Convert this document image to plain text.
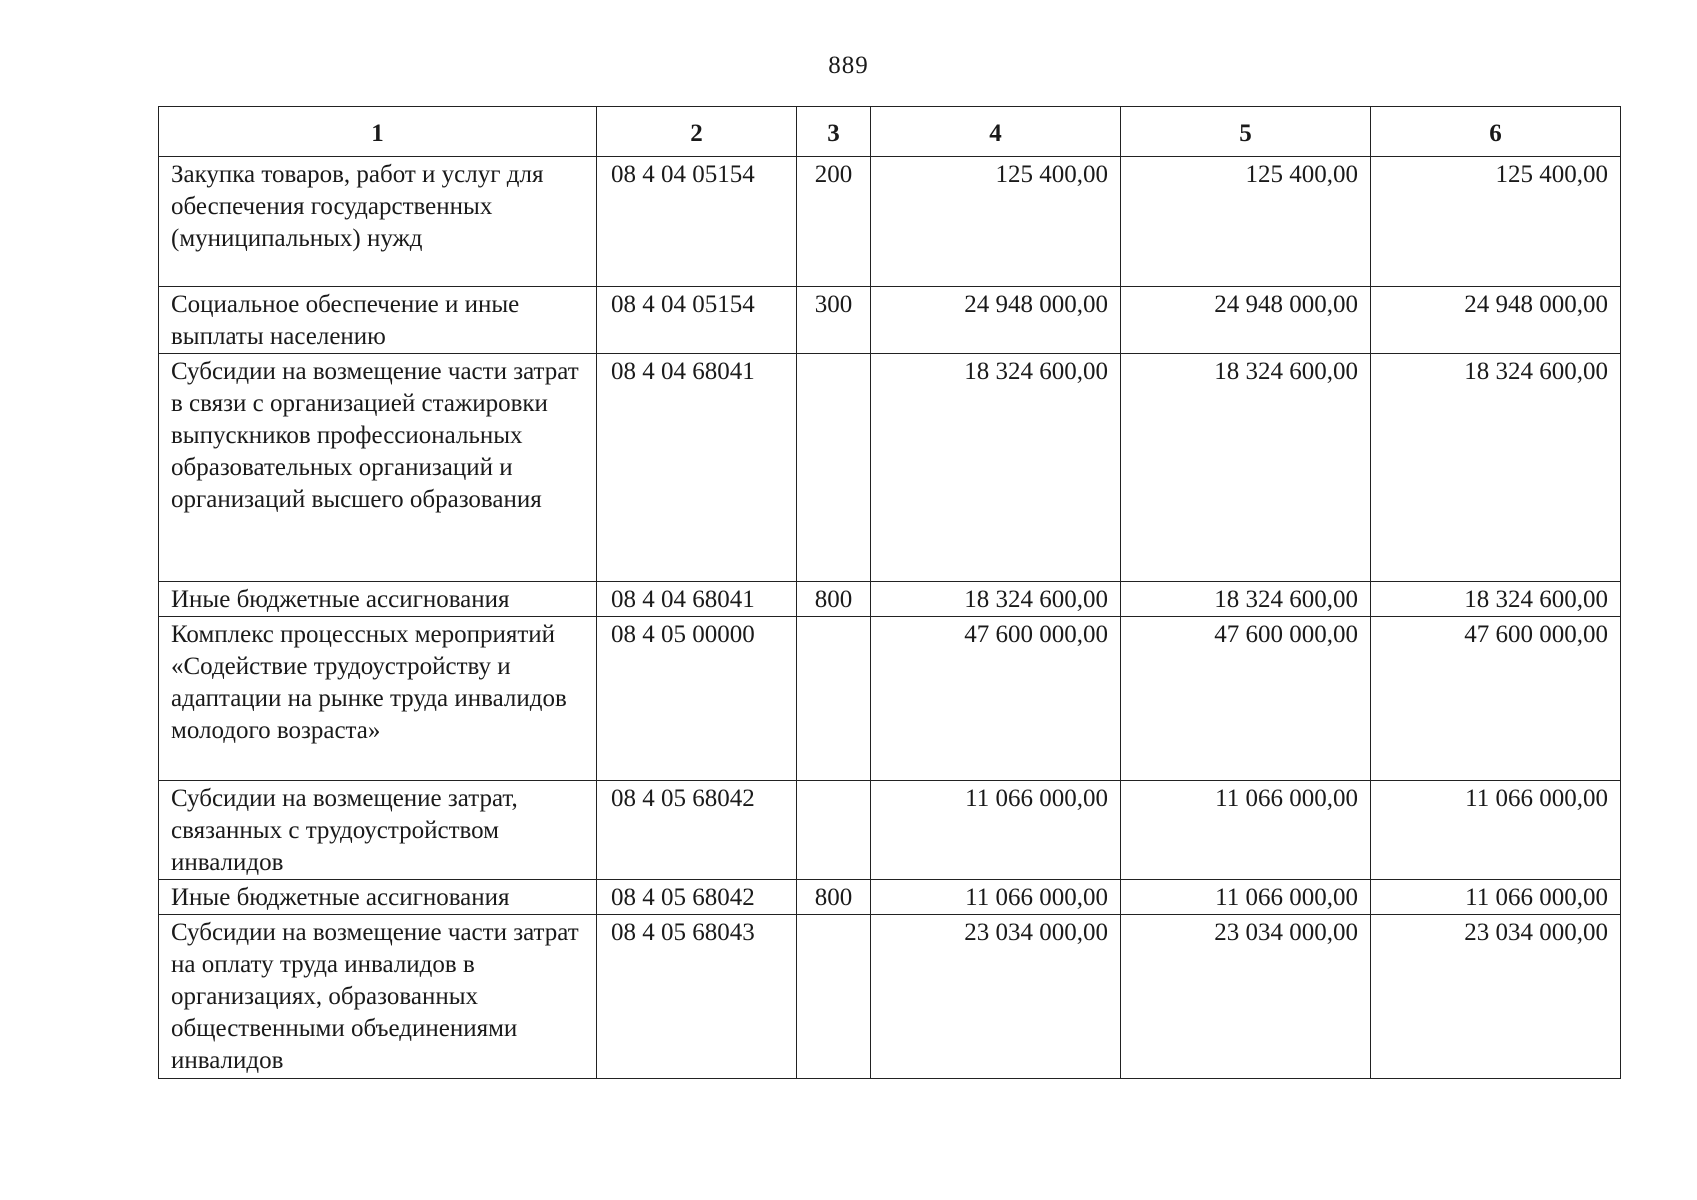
889
1	2	3	4	5	6
Закупка товаров, работ и услуг для обеспечения государственных (муниципальных) нужд	08 4 04 05154	200	125 400,00	125 400,00	125 400,00
Социальное обеспечение и иные выплаты населению	08 4 04 05154	300	24 948 000,00	24 948 000,00	24 948 000,00
Субсидии на возмещение части затрат в связи с организацией стажировки выпускников профессиональных образовательных организаций и организаций высшего образования	08 4 04 68041		18 324 600,00	18 324 600,00	18 324 600,00
Иные бюджетные ассигнования	08 4 04 68041	800	18 324 600,00	18 324 600,00	18 324 600,00
Комплекс процессных мероприятий «Содействие трудоустройству и адаптации на рынке труда инвалидов молодого возраста»	08 4 05 00000		47 600 000,00	47 600 000,00	47 600 000,00
Субсидии на возмещение затрат, связанных с трудоустройством инвалидов	08 4 05 68042		11 066 000,00	11 066 000,00	11 066 000,00
Иные бюджетные ассигнования	08 4 05 68042	800	11 066 000,00	11 066 000,00	11 066 000,00
Субсидии на возмещение части затрат на оплату труда инвалидов в организациях, образованных общественными объединениями инвалидов	08 4 05 68043		23 034 000,00	23 034 000,00	23 034 000,00
